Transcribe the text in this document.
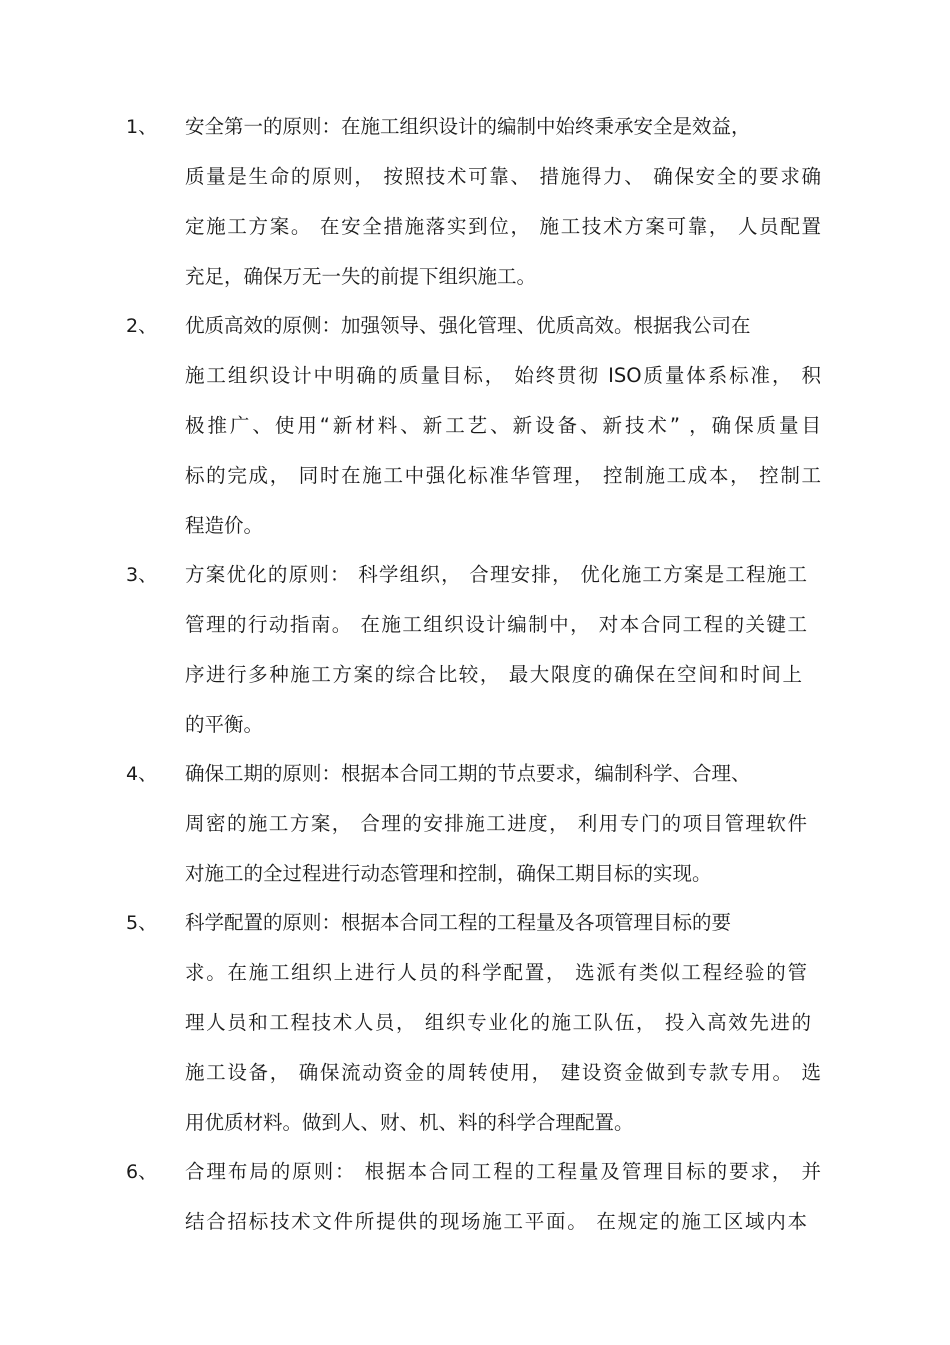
1、 安全第一的原则：在施工组织设计的编制中始终秉承安全是效益，
质量是生命的原则， 按照技术可靠、 措施得力、 确保安全的要求确
定施工方案。 在安全措施落实到位， 施工技术方案可靠， 人员配置
充足，确保万无一失的前提下组织施工。
2、 优质高效的原侧：加强领导、强化管理、优质高效。根据我公司在
施工组织设计中明确的质量目标， 始终贯彻 ISO质量体系标准， 积
极推广、使用“新材料、新工艺、新设备、新技术” ，确保质量目
标的完成， 同时在施工中强化标准华管理， 控制施工成本， 控制工
程造价。
3、 方案优化的原则： 科学组织， 合理安排， 优化施工方案是工程施工
管理的行动指南。 在施工组织设计编制中， 对本合同工程的关键工
序进行多种施工方案的综合比较， 最大限度的确保在空间和时间上
的平衡。
4、 确保工期的原则：根据本合同工期的节点要求，编制科学、合理、
周密的施工方案， 合理的安排施工进度， 利用专门的项目管理软件
对施工的全过程进行动态管理和控制，确保工期目标的实现。
5、 科学配置的原则：根据本合同工程的工程量及各项管理目标的要
求。在施工组织上进行人员的科学配置， 选派有类似工程经验的管
理人员和工程技术人员， 组织专业化的施工队伍， 投入高效先进的
施工设备， 确保流动资金的周转使用， 建设资金做到专款专用。 选
用优质材料。做到人、财、机、料的科学合理配置。
6、 合理布局的原则： 根据本合同工程的工程量及管理目标的要求， 并
结合招标技术文件所提供的现场施工平面。 在规定的施工区域内本
